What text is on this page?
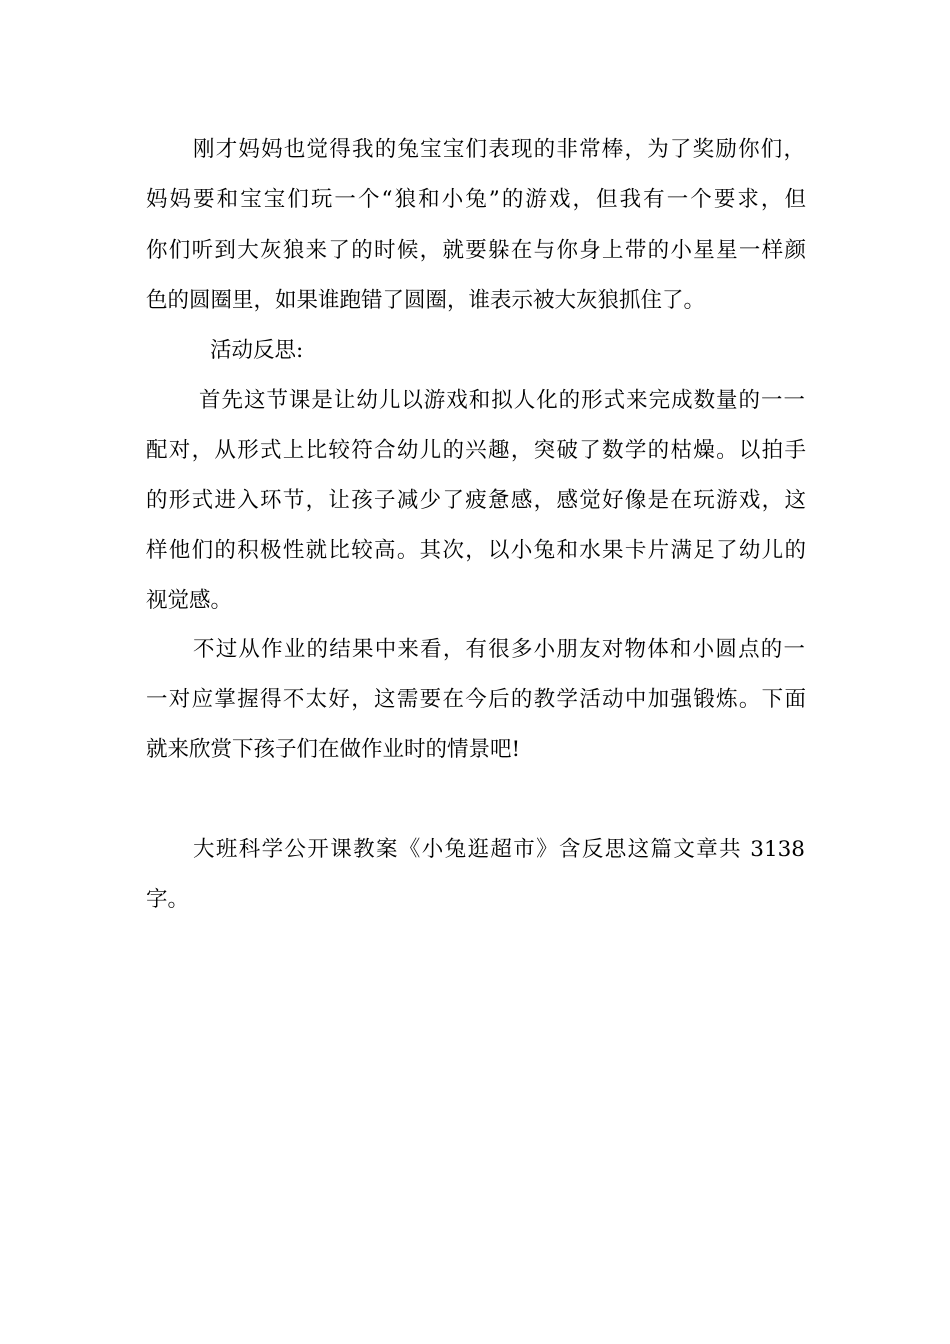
刚才妈妈也觉得我的兔宝宝们表现的非常棒，为了奖励你们，
妈妈要和宝宝们玩一个“狼和小兔”的游戏，但我有一个要求，但
你们听到大灰狼来了的时候，就要躲在与你身上带的小星星一样颜
色的圆圈里，如果谁跑错了圆圈，谁表示被大灰狼抓住了。
活动反思:
首先这节课是让幼儿以游戏和拟人化的形式来完成数量的一一
配对，从形式上比较符合幼儿的兴趣，突破了数学的枯燥。以拍手
的形式进入环节，让孩子减少了疲惫感，感觉好像是在玩游戏，这
样他们的积极性就比较高。其次，以小兔和水果卡片满足了幼儿的
视觉感。
不过从作业的结果中来看，有很多小朋友对物体和小圆点的一
一对应掌握得不太好，这需要在今后的教学活动中加强锻炼。下面
就来欣赏下孩子们在做作业时的情景吧!
大班科学公开课教案《小兔逛超市》含反思这篇文章共 3138
字。
